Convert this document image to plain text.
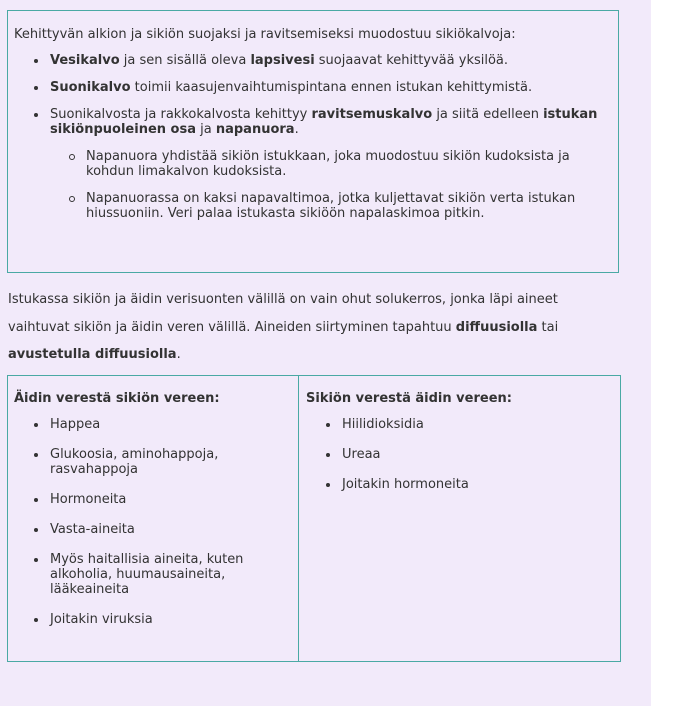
Kehittyvän alkion ja sikiön suojaksi ja ravitsemiseksi muodostuu sikiökalvoja:

Vesikalvo ja sen sisällä oleva lapsivesi suojaavat kehittyvää yksilöä.
Suonikalvo toimii kaasujenvaihtumispintana ennen istukan kehittymistä.
Suonikalvosta ja rakkokalvosta kehittyy ravitsemuskalvo ja siitä edelleen istukan sikiönpuoleinen osa ja napanuora.
Napanuora yhdistää sikiön istukkaan, joka muodostuu sikiön kudoksista ja kohdun limakalvon kudoksista.
Napanuorassa on kaksi napavaltimoa, jotka kuljettavat sikiön verta istukan hiussuoniin. Veri palaa istukasta sikiöön napalaskimoa pitkin.

Istukassa sikiön ja äidin verisuonten välillä on vain ohut solukerros, jonka läpi aineet vaihtuvat sikiön ja äidin veren välillä. Aineiden siirtyminen tapahtuu diffuusiolla tai avustetulla diffuusiolla.

Äidin verestä sikiön vereen:
Happea
Glukoosia, aminohappoja, rasvahappoja
Hormoneita
Vasta-aineita
Myös haitallisia aineita, kuten alkoholia, huumausaineita, lääkeaineita
Joitakin viruksia
Sikiön verestä äidin vereen:
Hiilidioksidia
Ureaa
Joitakin hormoneita
